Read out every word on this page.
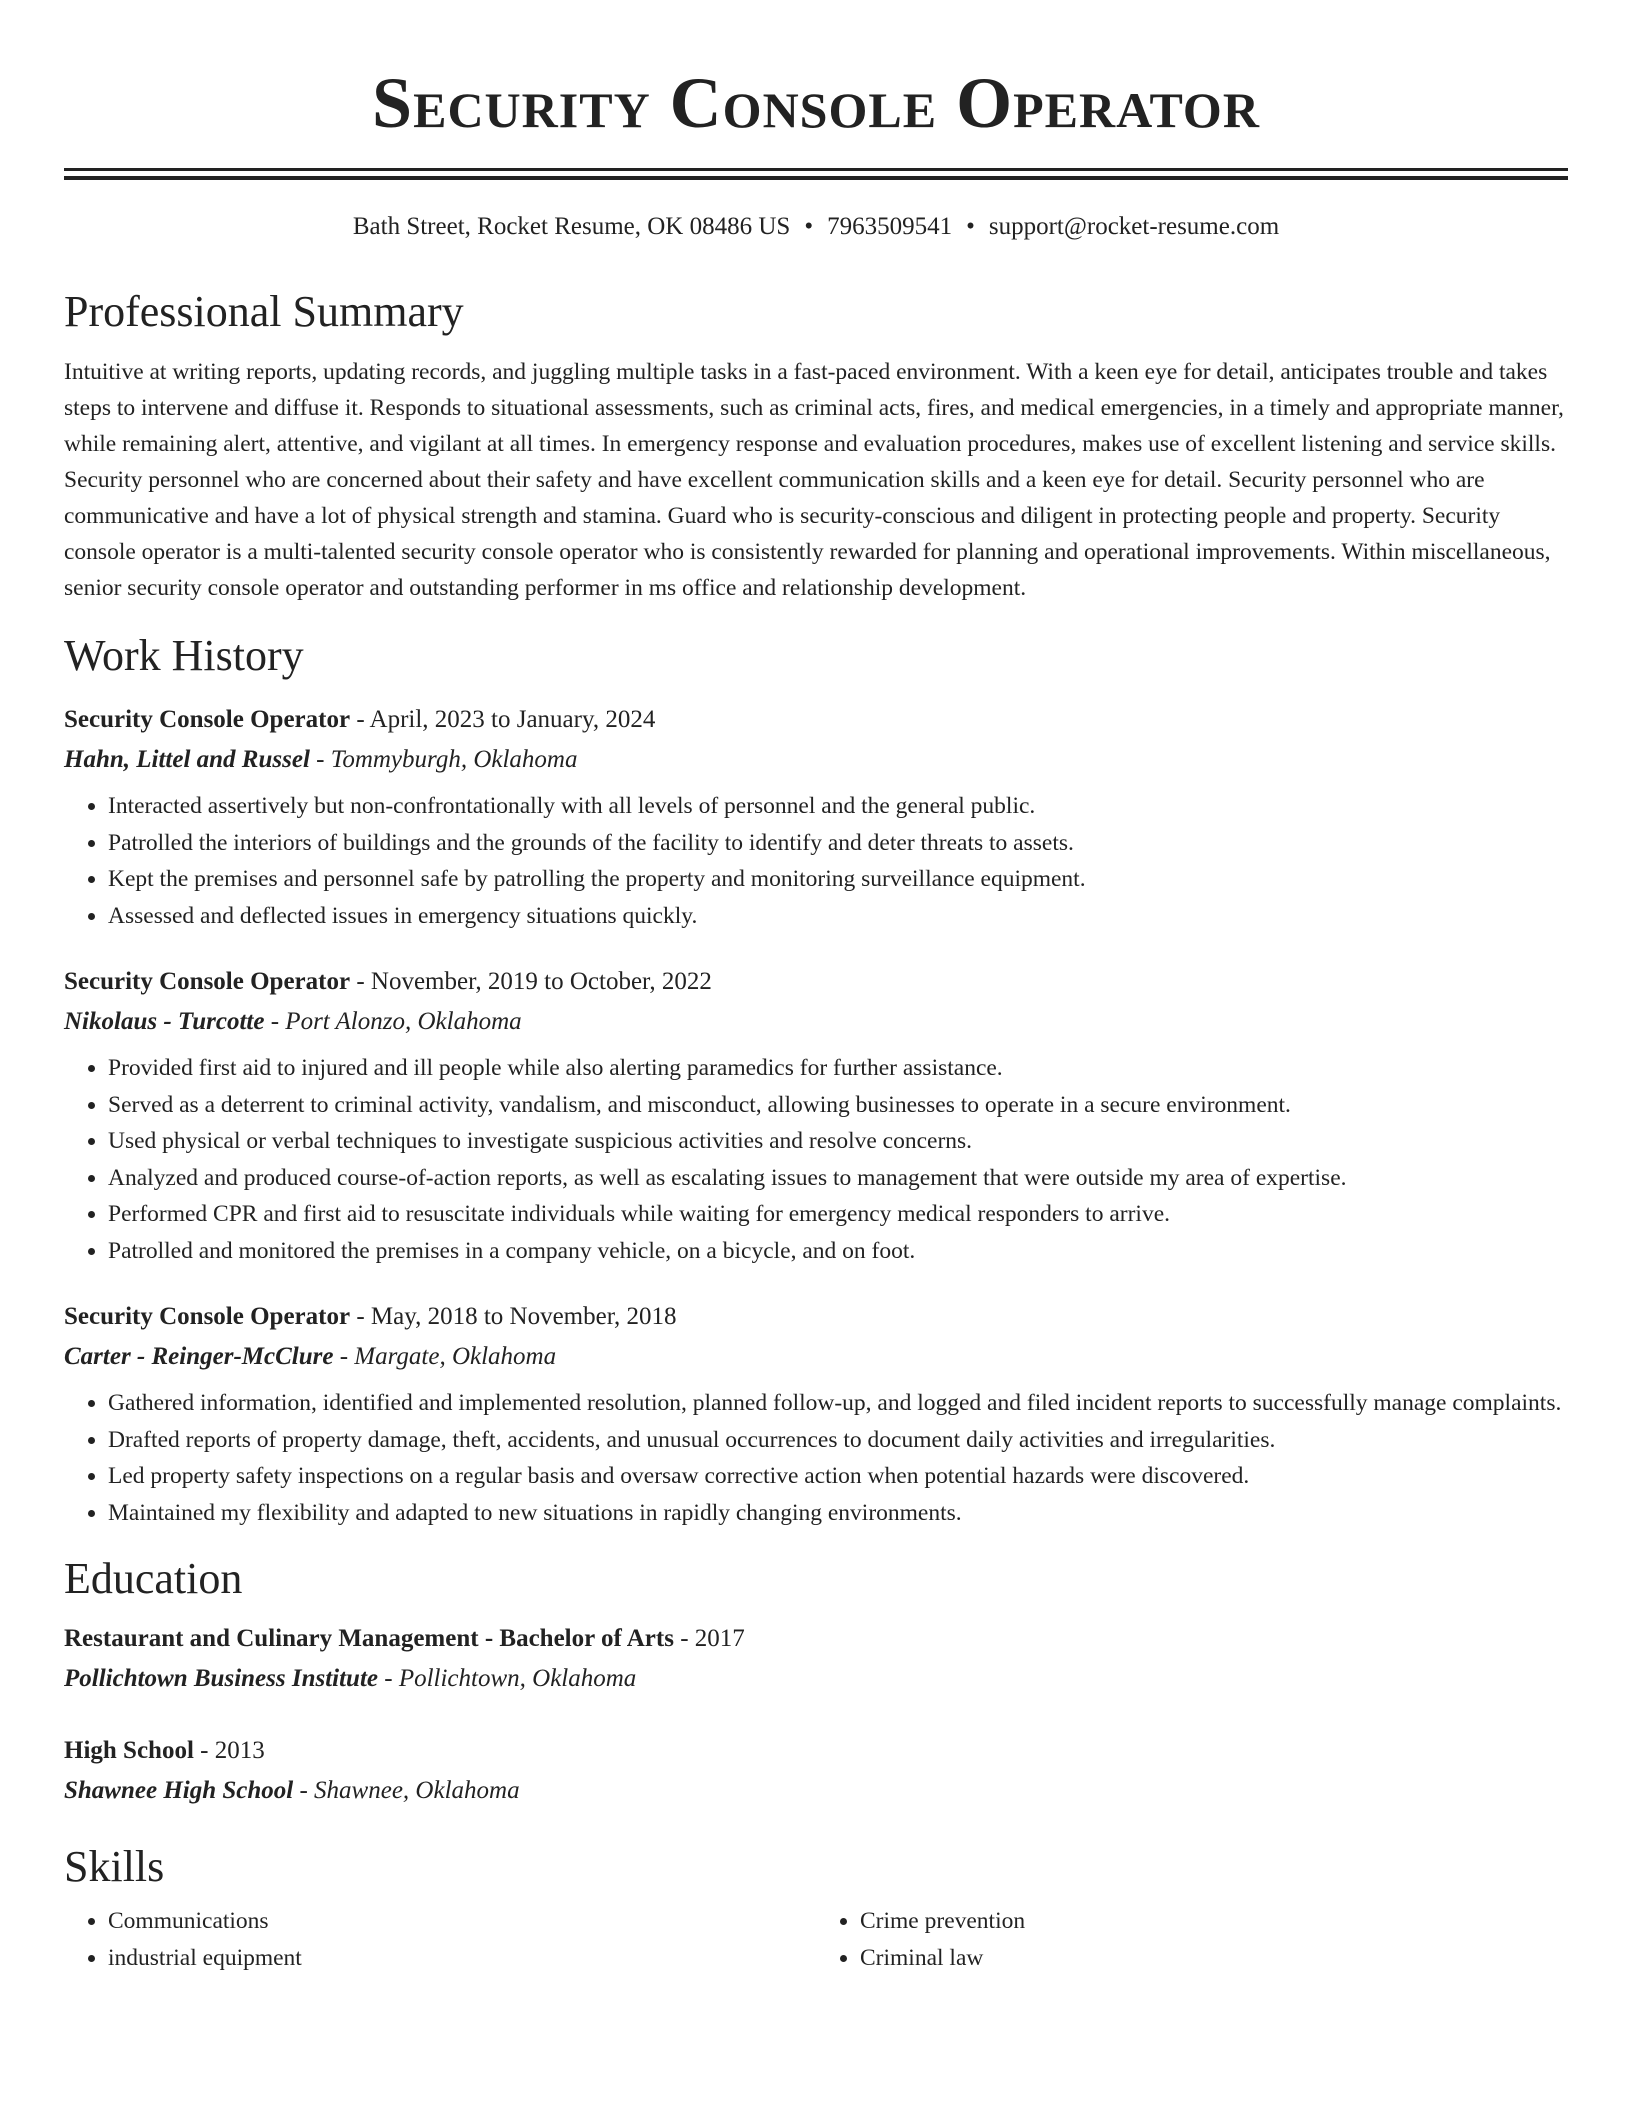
Security Console Operator
Bath Street, Rocket Resume, OK 08486 US • 7963509541 • support@rocket-resume.com
Professional Summary

Intuitive at writing reports, updating records, and juggling multiple tasks in a fast-paced environment. With a keen eye for detail, anticipates trouble and takes steps to intervene and diffuse it. Responds to situational assessments, such as criminal acts, fires, and medical emergencies, in a timely and appropriate manner, while remaining alert, attentive, and vigilant at all times. In emergency response and evaluation procedures, makes use of excellent listening and service skills. Security personnel who are concerned about their safety and have excellent communication skills and a keen eye for detail. Security personnel who are communicative and have a lot of physical strength and stamina. Guard who is security-conscious and diligent in protecting people and property. Security console operator is a multi-talented security console operator who is consistently rewarded for planning and operational improvements. Within miscellaneous, senior security console operator and outstanding performer in ms office and relationship development.

Work History
Security Console Operator - April, 2023 to January, 2024
Hahn, Littel and Russel - Tommyburgh, Oklahoma
• Interacted assertively but non-confrontationally with all levels of personnel and the general public.
• Patrolled the interiors of buildings and the grounds of the facility to identify and deter threats to assets.
• Kept the premises and personnel safe by patrolling the property and monitoring surveillance equipment.
• Assessed and deflected issues in emergency situations quickly.
Security Console Operator - November, 2019 to October, 2022
Nikolaus - Turcotte - Port Alonzo, Oklahoma
• Provided first aid to injured and ill people while also alerting paramedics for further assistance.
• Served as a deterrent to criminal activity, vandalism, and misconduct, allowing businesses to operate in a secure environment.
• Used physical or verbal techniques to investigate suspicious activities and resolve concerns.
• Analyzed and produced course-of-action reports, as well as escalating issues to management that were outside my area of expertise.
• Performed CPR and first aid to resuscitate individuals while waiting for emergency medical responders to arrive.
• Patrolled and monitored the premises in a company vehicle, on a bicycle, and on foot.
Security Console Operator - May, 2018 to November, 2018
Carter - Reinger-McClure - Margate, Oklahoma
• Gathered information, identified and implemented resolution, planned follow-up, and logged and filed incident reports to successfully manage complaints.
• Drafted reports of property damage, theft, accidents, and unusual occurrences to document daily activities and irregularities.
• Led property safety inspections on a regular basis and oversaw corrective action when potential hazards were discovered.
• Maintained my flexibility and adapted to new situations in rapidly changing environments.
Education
Restaurant and Culinary Management - Bachelor of Arts - 2017
Pollichtown Business Institute - Pollichtown, Oklahoma
High School - 2013
Shawnee High School - Shawnee, Oklahoma
Skills
• Communications
• industrial equipment
• Crime prevention
• Criminal law
